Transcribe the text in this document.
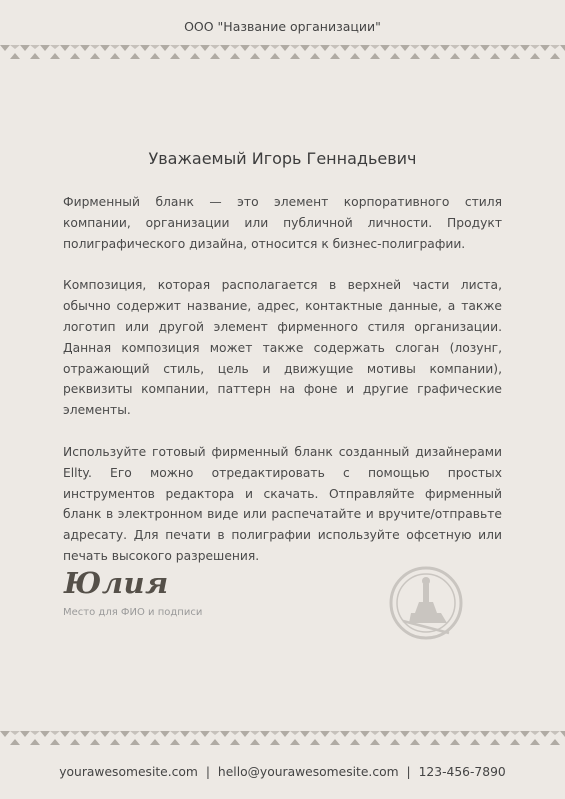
ООО "Название организации"
Уважаемый Игорь Геннадьевич

Фирменный бланк — это элемент корпоративного стиля компании, организации или публичной личности. Продукт полиграфического дизайна, относится к бизнес-полиграфии.

Композиция, которая располагается в верхней части листа, обычно содержит название, адрес, контактные данные, а также логотип или другой элемент фирменного стиля организации. Данная композиция может также содержать слоган (лозунг, отражающий стиль, цель и движущие мотивы компании), реквизиты компании, паттерн на фоне и другие графические элементы.

Используйте готовый фирменный бланк созданный дизайнерами Ellty. Его можно отредактировать с помощью простых инструментов редактора и скачать. Отправляйте фирменный бланк в электронном виде или распечатайте и вручите/отправьте адресату. Для печати в полиграфии используйте офсетную или печать высокого разрешения.

Юлия
Место для ФИО и подписи
yourawesomesite.com | hello@yourawesomesite.com | 123-456-7890
